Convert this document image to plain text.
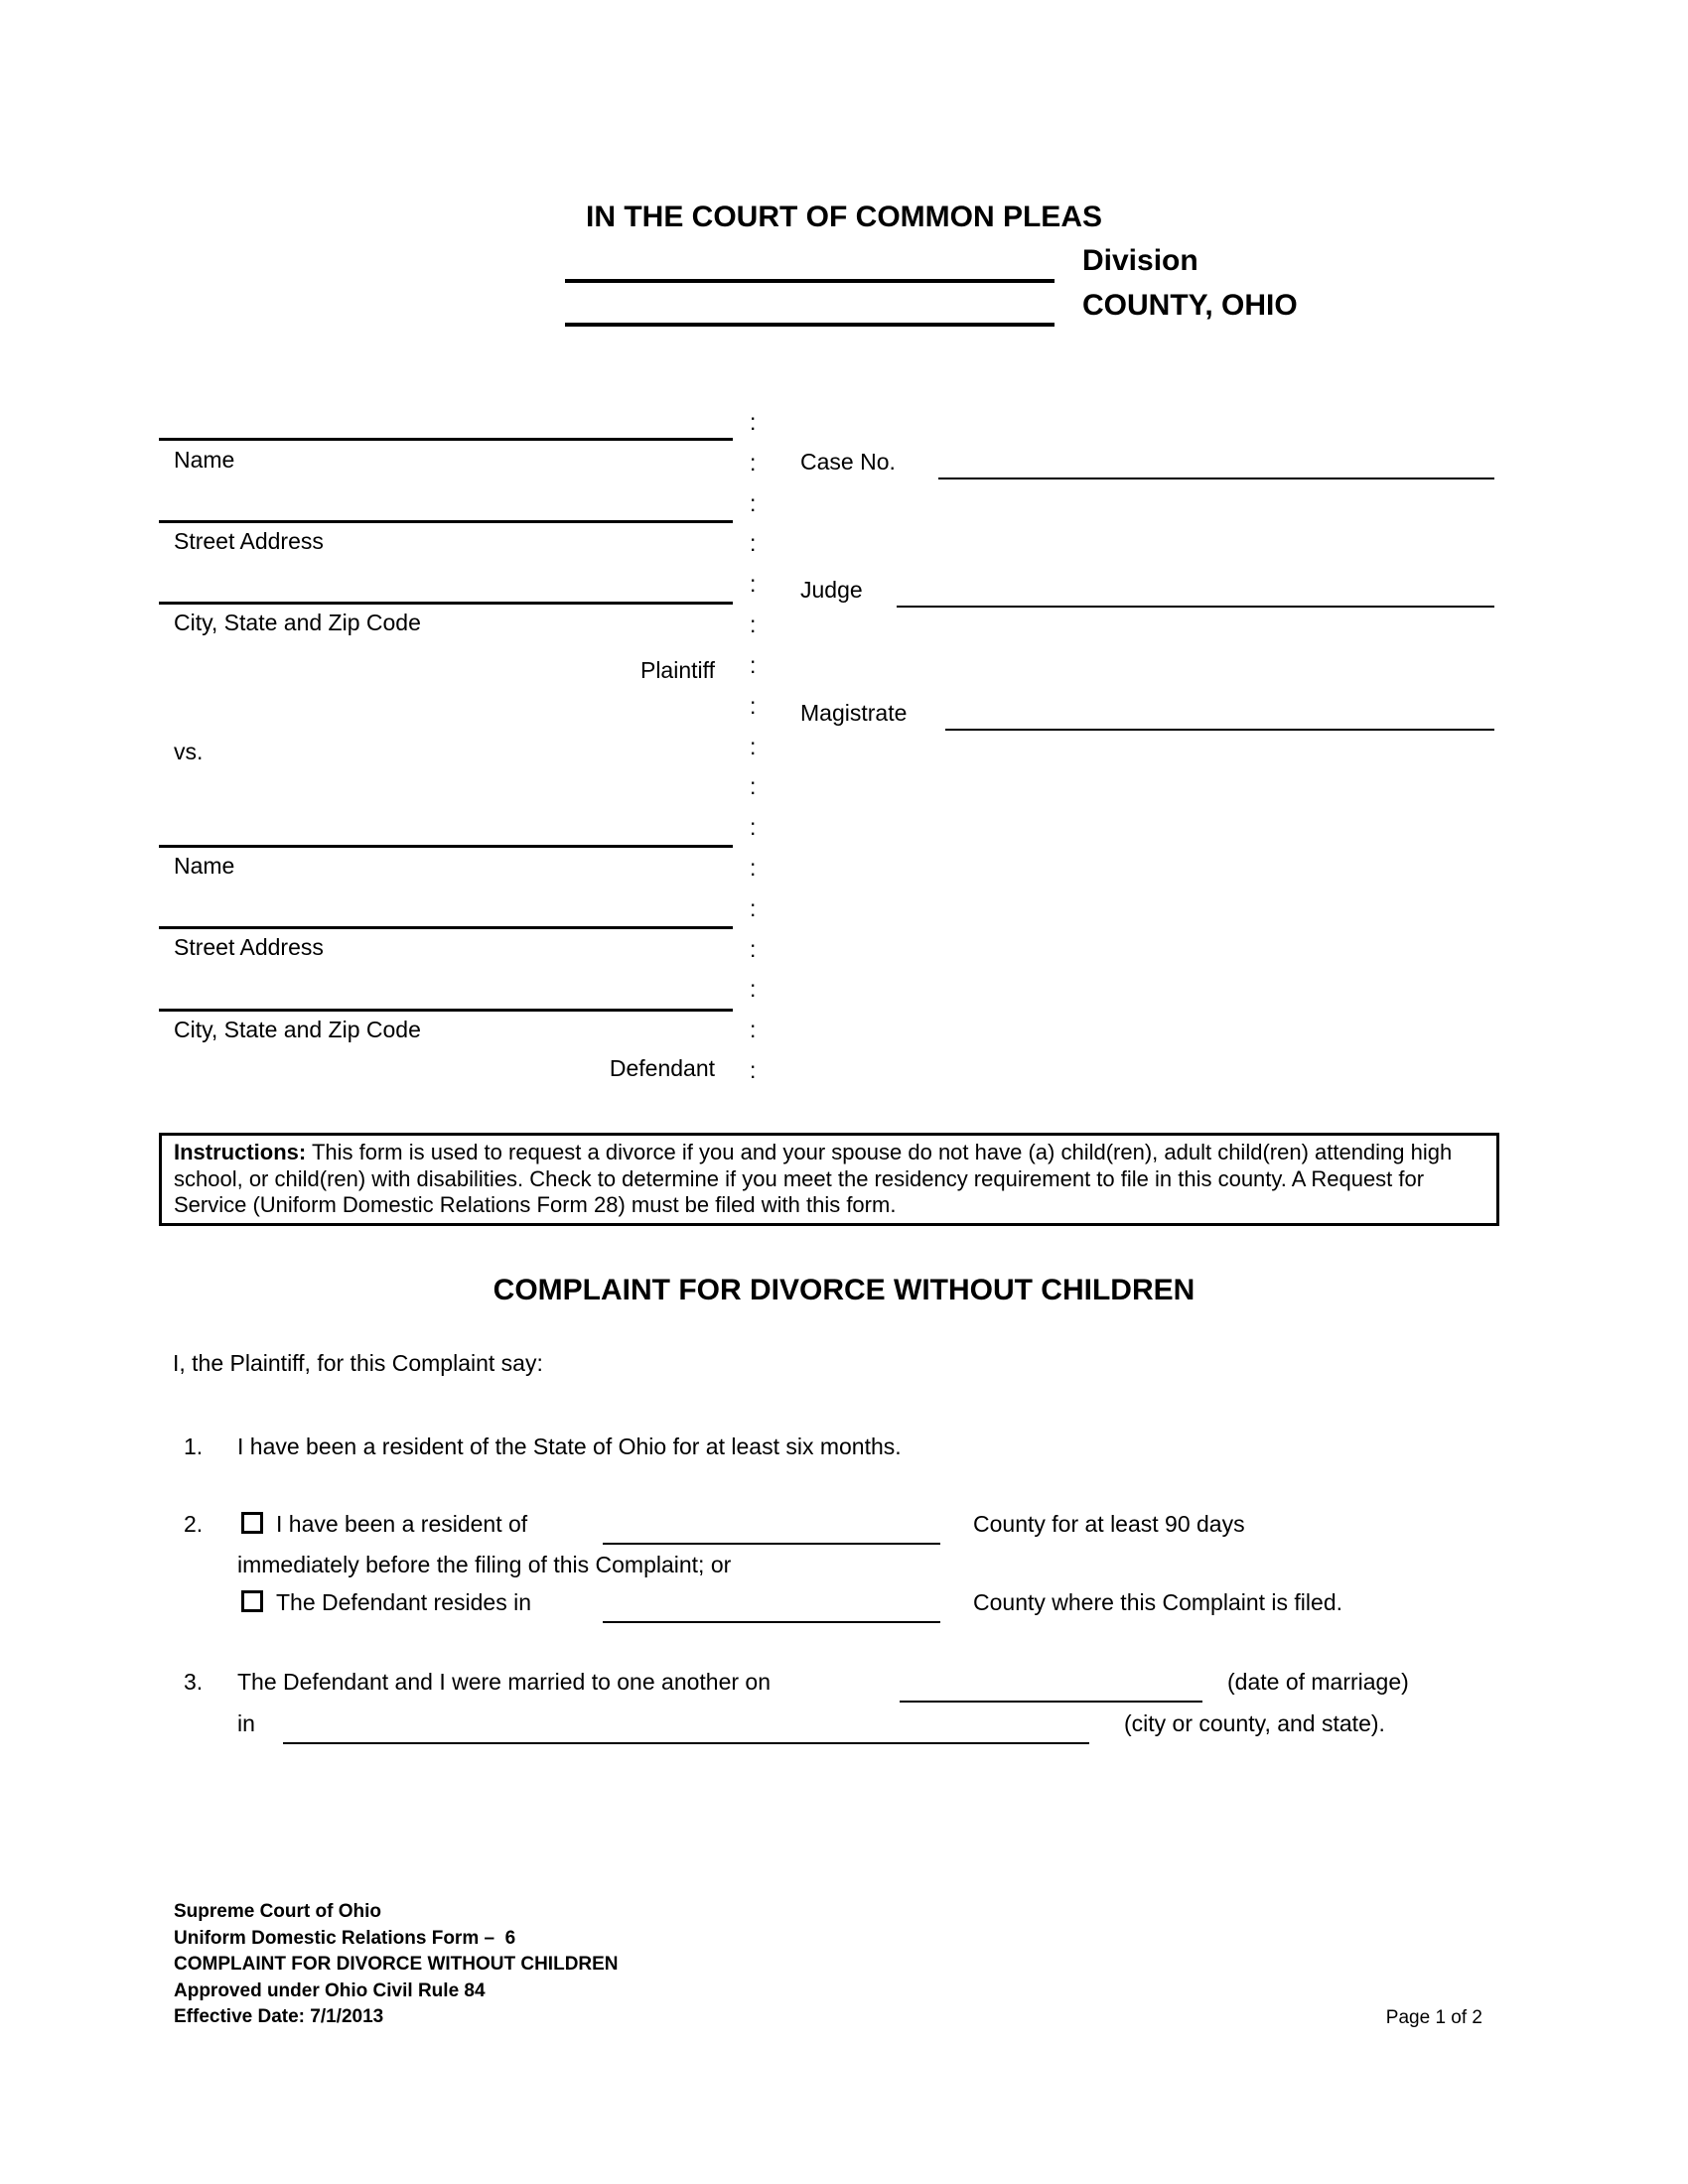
IN THE COURT OF COMMON PLEAS
Division
COUNTY, OHIO
Name
Street Address
City, State and Zip Code
Plaintiff
vs.
Name
Street Address
City, State and Zip Code
Defendant
:
:
:
:
:
:
:
:
:
:
:
:
:
:
:
:
:
Case No.
Judge
Magistrate
Instructions: This form is used to request a divorce if you and your spouse do not have (a) child(ren), adult child(ren) attending high school, or child(ren) with disabilities. Check to determine if you meet the residency requirement to file in this county. A Request for Service (Uniform Domestic Relations Form 28) must be filed with this form.
COMPLAINT FOR DIVORCE WITHOUT CHILDREN
I, the Plaintiff, for this Complaint say:
1. I have been a resident of the State of Ohio for at least six months.
2.	I have been a resident of	County for at least 90 days
immediately before the filing of this Complaint; or
The Defendant resides in	County where this Complaint is filed.
3. The Defendant and I were married to one another on	(date of marriage)
in	(city or county, and state).
Supreme Court of Ohio
Uniform Domestic Relations Form –  6
COMPLAINT FOR DIVORCE WITHOUT CHILDREN
Approved under Ohio Civil Rule 84
Effective Date: 7/1/2013	Page 1 of 2
